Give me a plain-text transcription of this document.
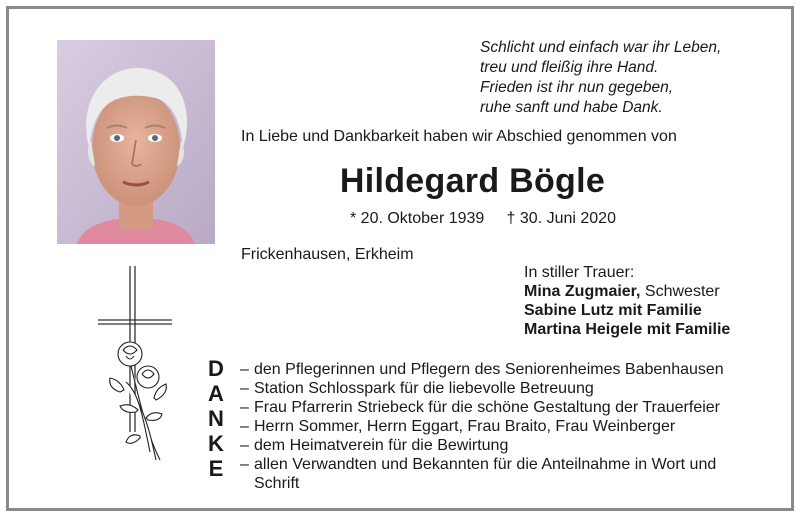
Schlicht und einfach war ihr Leben,
treu und fleißig ihre Hand.
Frieden ist ihr nun gegeben,
ruhe sanft und habe Dank.
In Liebe und Dankbarkeit haben wir Abschied genommen von
Hildegard Bögle
* 20. Oktober 1939 † 30. Juni 2020
Frickenhausen, Erkheim
In stiller Trauer:
Mina Zugmaier, Schwester
Sabine Lutz mit Familie
Martina Heigele mit Familie
D
A
N
K
E
– den Pflegerinnen und Pflegern des Seniorenheimes Babenhausen
– Station Schlosspark für die liebevolle Betreuung
– Frau Pfarrerin Striebeck für die schöne Gestaltung der Trauerfeier
– Herrn Sommer, Herrn Eggart, Frau Braito, Frau Weinberger
– dem Heimatverein für die Bewirtung
– allen Verwandten und Bekannten für die Anteilnahme in Wort und Schrift
